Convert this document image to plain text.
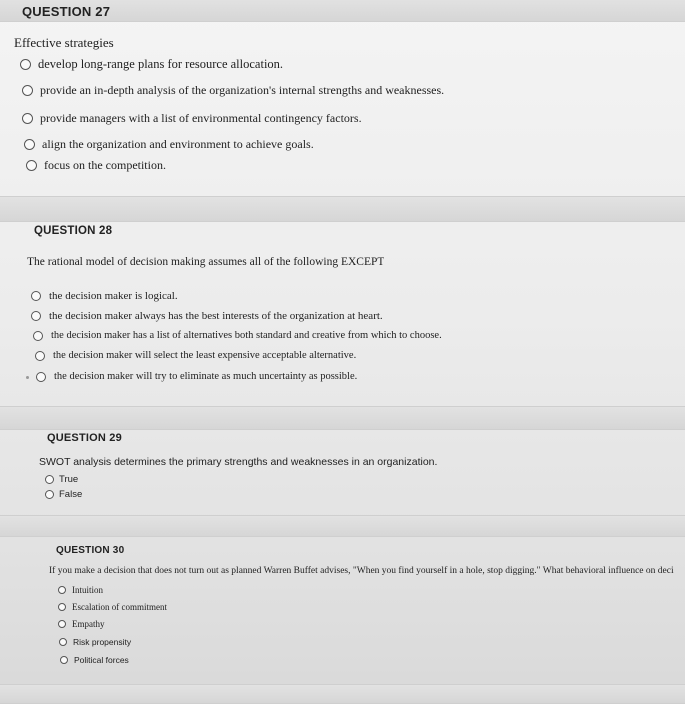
QUESTION 27
Effective strategies
develop long-range plans for resource allocation.
provide an in-depth analysis of the organization's internal strengths and weaknesses.
provide managers with a list of environmental contingency factors.
align the organization and environment to achieve goals.
focus on the competition.
QUESTION 28
The rational model of decision making assumes all of the following EXCEPT
the decision maker is logical.
the decision maker always has the best interests of the organization at heart.
the decision maker has a list of alternatives both standard and creative from which to choose.
the decision maker will select the least expensive acceptable alternative.
the decision maker will try to eliminate as much uncertainty as possible.
QUESTION 29
SWOT analysis determines the primary strengths and weaknesses in an organization.
True
False
QUESTION 30
If you make a decision that does not turn out as planned Warren Buffet advises, "When you find yourself in a hole, stop digging." What behavioral influence on deci
Intuition
Escalation of commitment
Empathy
Risk propensity
Political forces
